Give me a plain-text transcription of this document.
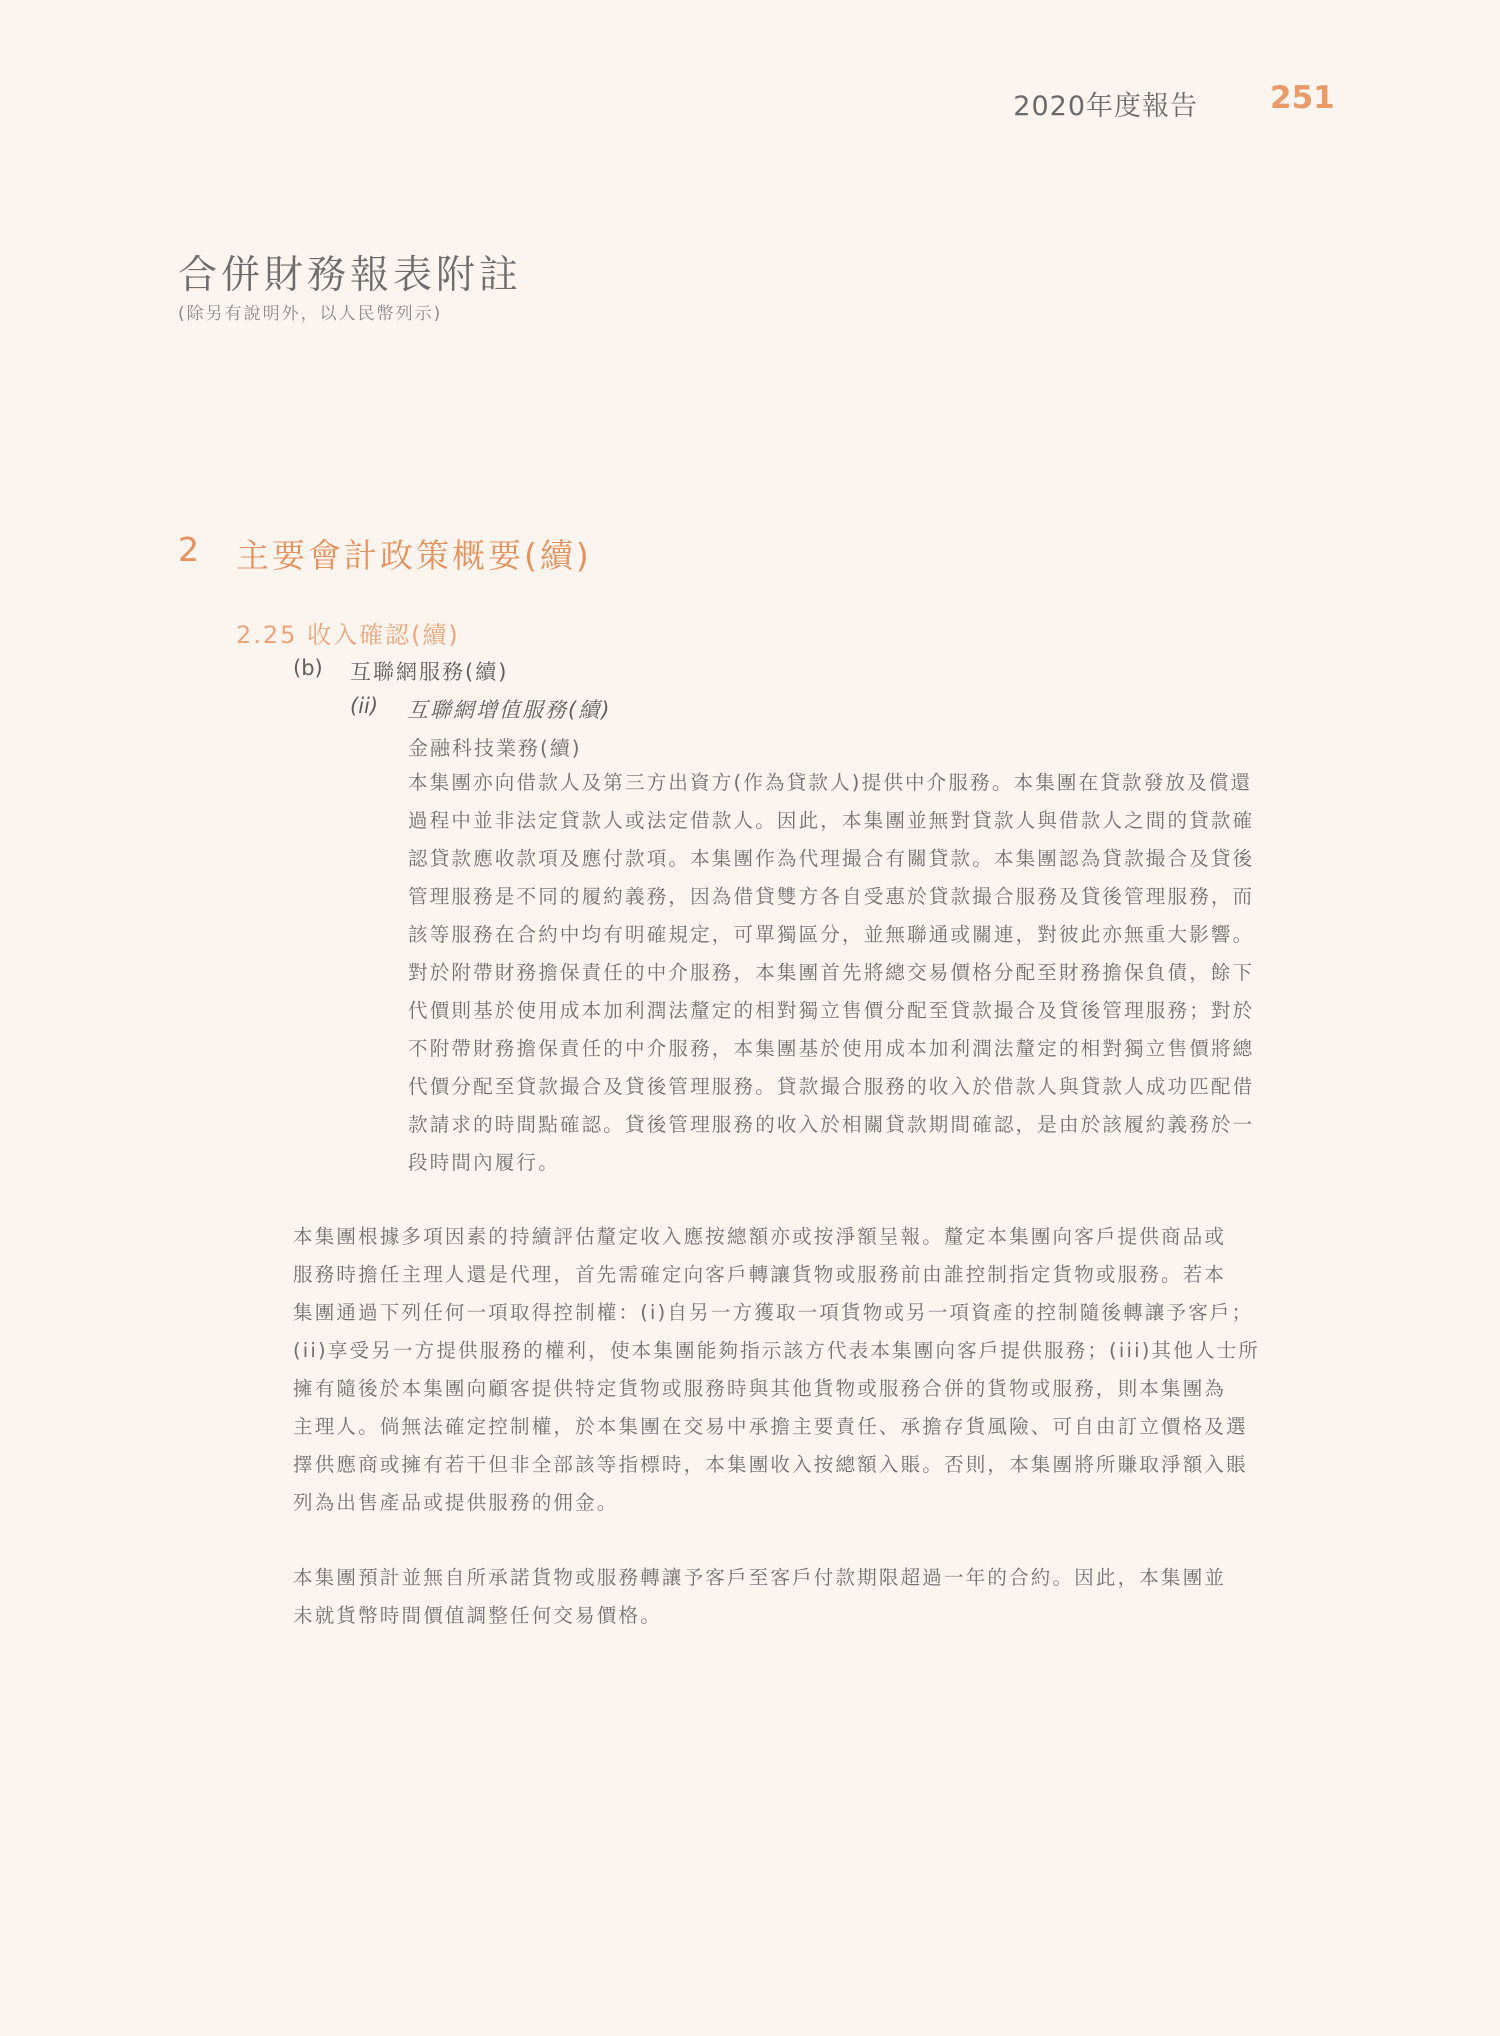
2020年度報告 251
合併財務報表附註
(除另有說明外，以人民幣列示)
2 主要會計政策概要(續)
2.25 收入確認(續)
(b) 互聯網服務(續)
(ii) 互聯網增值服務(續)
金融科技業務(續)
本集團亦向借款人及第三方出資方(作為貸款人)提供中介服務。本集團在貸款發放及償還
過程中並非法定貸款人或法定借款人。因此，本集團並無對貸款人與借款人之間的貸款確
認貸款應收款項及應付款項。本集團作為代理撮合有關貸款。本集團認為貸款撮合及貸後
管理服務是不同的履約義務，因為借貸雙方各自受惠於貸款撮合服務及貸後管理服務，而
該等服務在合約中均有明確規定，可單獨區分，並無聯通或關連，對彼此亦無重大影響。
對於附帶財務擔保責任的中介服務，本集團首先將總交易價格分配至財務擔保負債，餘下
代價則基於使用成本加利潤法釐定的相對獨立售價分配至貸款撮合及貸後管理服務；對於
不附帶財務擔保責任的中介服務，本集團基於使用成本加利潤法釐定的相對獨立售價將總
代價分配至貸款撮合及貸後管理服務。貸款撮合服務的收入於借款人與貸款人成功匹配借
款請求的時間點確認。貸後管理服務的收入於相關貸款期間確認，是由於該履約義務於一
段時間內履行。
本集團根據多項因素的持續評估釐定收入應按總額亦或按淨額呈報。釐定本集團向客戶提供商品或
服務時擔任主理人還是代理，首先需確定向客戶轉讓貨物或服務前由誰控制指定貨物或服務。若本
集團通過下列任何一項取得控制權：(i)自另一方獲取一項貨物或另一項資產的控制隨後轉讓予客戶；
(ii)享受另一方提供服務的權利，使本集團能夠指示該方代表本集團向客戶提供服務；(iii)其他人士所
擁有隨後於本集團向顧客提供特定貨物或服務時與其他貨物或服務合併的貨物或服務，則本集團為
主理人。倘無法確定控制權，於本集團在交易中承擔主要責任、承擔存貨風險、可自由訂立價格及選
擇供應商或擁有若干但非全部該等指標時，本集團收入按總額入賬。否則，本集團將所賺取淨額入賬
列為出售產品或提供服務的佣金。
本集團預計並無自所承諾貨物或服務轉讓予客戶至客戶付款期限超過一年的合約。因此，本集團並
未就貨幣時間價值調整任何交易價格。
